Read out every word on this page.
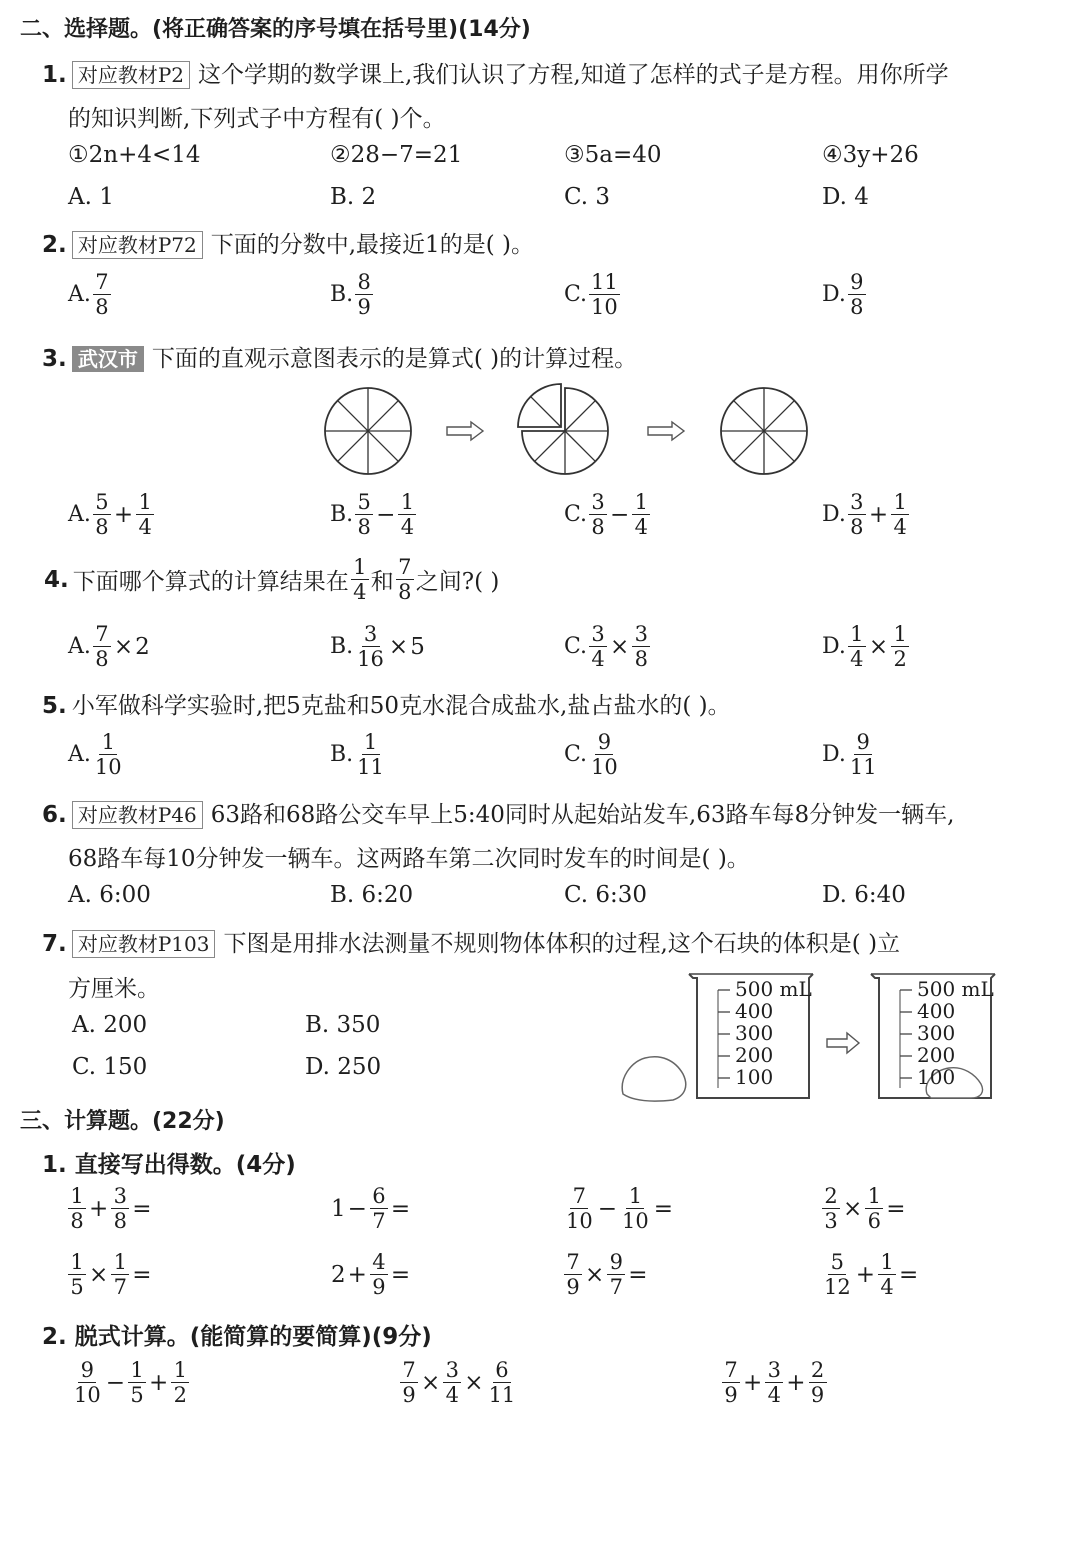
二、选择题。(将正确答案的序号填在括号里)(14分)
1. 对应教材P2 这个学期的数学课上,我们认识了方程,知道了怎样的式子是方程。用你所学
的知识判断,下列式子中方程有( )个。
①2n+4<14	②28−7=21	③5a=40	④3y+26
A. 1	B. 2	C. 3	D. 4
2. 对应教材P72 下面的分数中,最接近1的是( )。
A. $\frac{7}{8}$	B. $\frac{8}{9}$	C. $\frac{11}{10}$	D. $\frac{9}{8}$
3. 武汉市 下面的直观示意图表示的是算式( )的计算过程。
A. $\frac{5}{8} + \frac{1}{4}$	B. $\frac{5}{8} - \frac{1}{4}$	C. $\frac{3}{8} - \frac{1}{4}$	D. $\frac{3}{8} + \frac{1}{4}$
4. 下面哪个算式的计算结果在 $\frac{1}{4}$ 和 $\frac{7}{8}$ 之间?( )
A. $\frac{7}{8} \times 2$	B. $\frac{3}{16} \times 5$	C. $\frac{3}{4} \times \frac{3}{8}$	D. $\frac{1}{4} \times \frac{1}{2}$
5. 小军做科学实验时,把5克盐和50克水混合成盐水,盐占盐水的( )。
A. $\frac{1}{10}$	B. $\frac{1}{11}$	C. $\frac{9}{10}$	D. $\frac{9}{11}$
6. 对应教材P46 63路和68路公交车早上5:40同时从起始站发车,63路车每8分钟发一辆车,
68路车每10分钟发一辆车。这两路车第二次同时发车的时间是( )。
A. 6:00	B. 6:20	C. 6:30	D. 6:40
7. 对应教材P103 下图是用排水法测量不规则物体体积的过程,这个石块的体积是( )立
方厘米。
A. 200	B. 350
C. 150	D. 250
500 mL
400
300
200
100
500 mL
400
300
200
100
三、计算题。(22分)
1. 直接写出得数。(4分)
$\frac{1}{8} + \frac{3}{8}$ =	$1 - \frac{6}{7}$ =	$\frac{7}{10} - \frac{1}{10}$ =	$\frac{2}{3} \times \frac{1}{6}$ =
$\frac{1}{5} \times \frac{1}{7}$ =	$2 + \frac{4}{9}$ =	$\frac{7}{9} \times \frac{9}{7}$ =	$\frac{5}{12} + \frac{1}{4}$ =
2. 脱式计算。(能简算的要简算)(9分)
$\frac{9}{10} - \frac{1}{5} + \frac{1}{2}$	$\frac{7}{9} \times \frac{3}{4} \times \frac{6}{11}$	$\frac{7}{9} + \frac{3}{4} + \frac{2}{9}$
